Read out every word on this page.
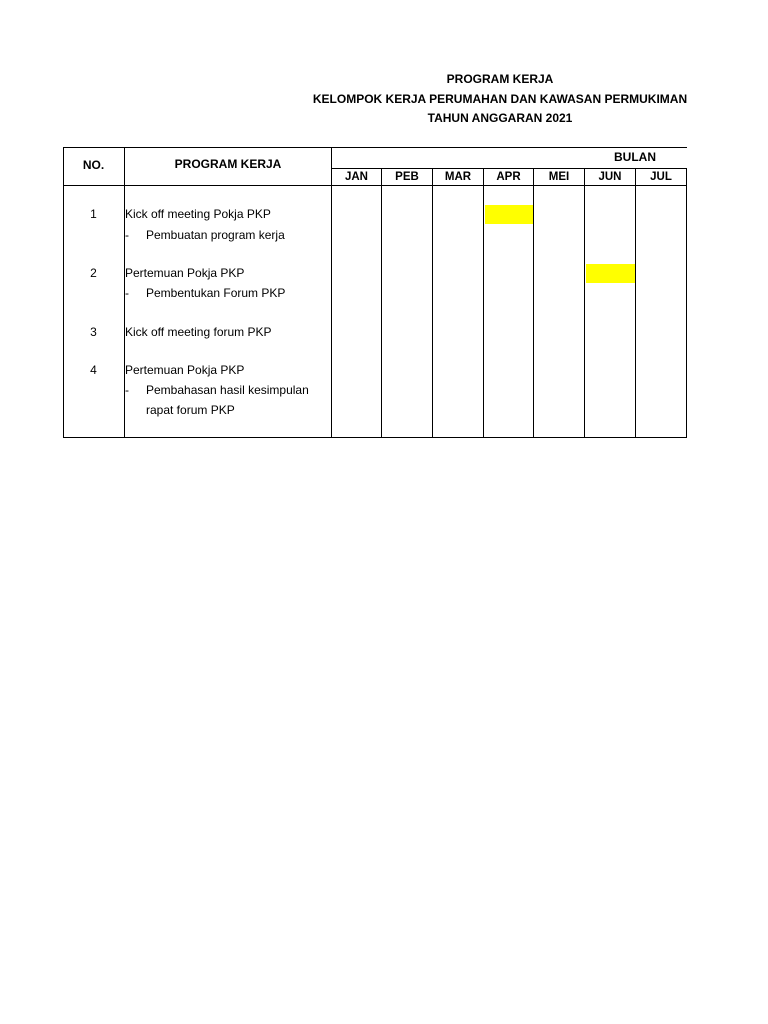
PROGRAM KERJA
KELOMPOK KERJA PERUMAHAN DAN KAWASAN PERMUKIMAN
TAHUN ANGGARAN 2021
NO.	PROGRAM KERJA	BULAN
JAN	PEB	MAR	APR	MEI	JUN	JUL
1	Kick off meeting Pokja PKP
- Pembuatan program kerja
2	Pertemuan Pokja PKP
- Pembentukan Forum PKP
3	Kick off meeting forum PKP
4	Pertemuan Pokja PKP
- Pembahasan hasil kesimpulan
rapat forum PKP
